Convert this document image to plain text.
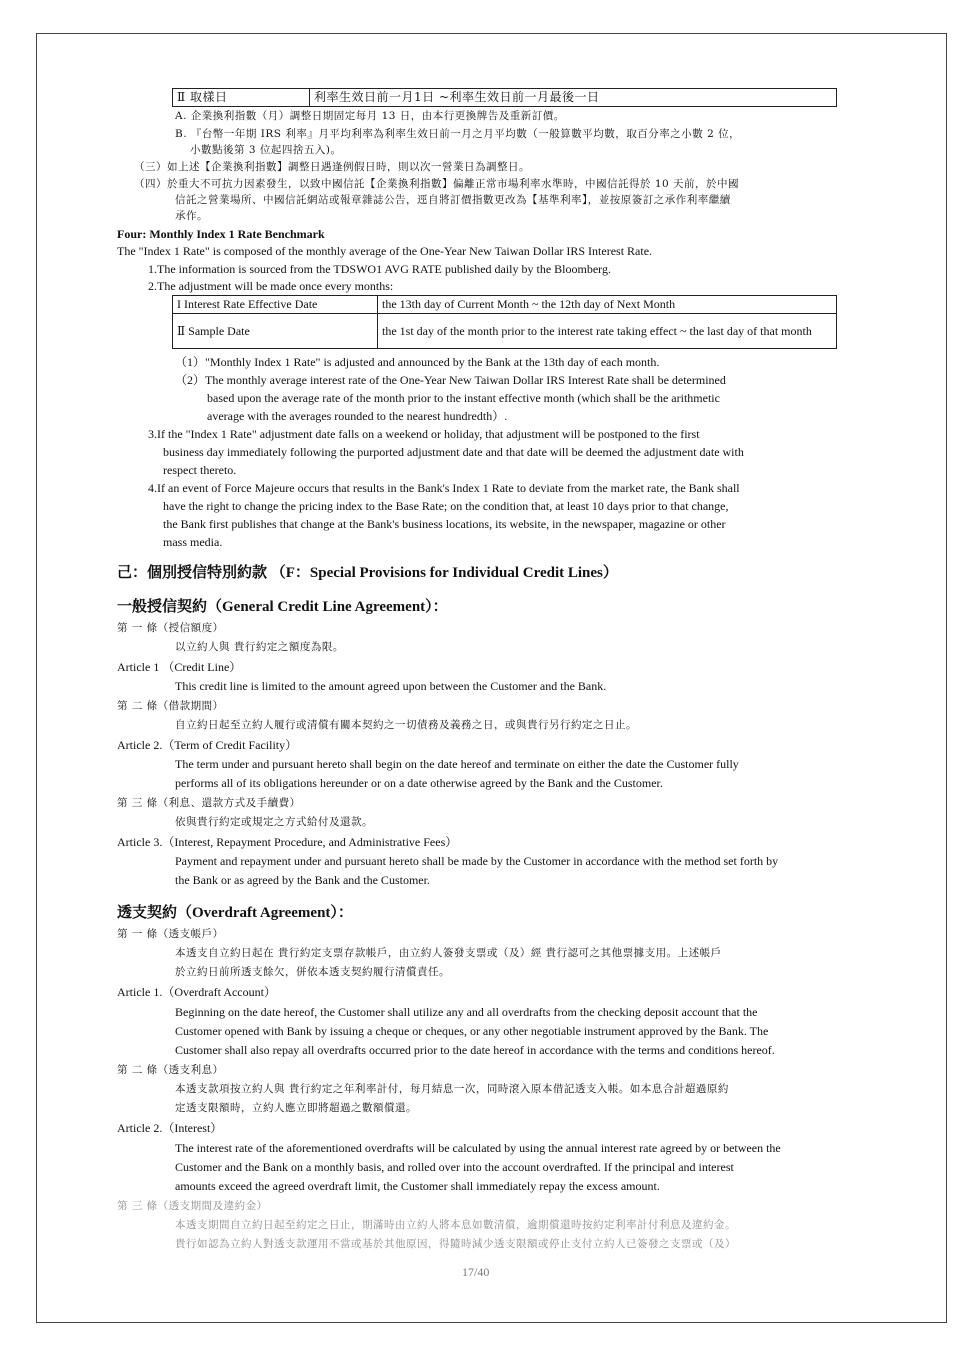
Ⅱ 取樣日	利率生效日前一月1日 ~利率生效日前一月最後一日
A. 企業換利指數（月）調整日期固定每月 13 日，由本行更換牌告及重新訂價。
B. 『台幣一年期 IRS 利率』月平均利率為利率生效日前一月之月平均數（一般算數平均數，取百分率之小數 2 位，
小數點後第 3 位起四捨五入)。
（三）如上述【企業換利指數】調整日遇逢例假日時，則以次一營業日為調整日。
（四）於重大不可抗力因素發生，以致中國信託【企業換利指數】偏離正常市場利率水準時，中國信託得於 10 天前，於中國
信託之營業場所、中國信託網站或報章雜誌公告，逕自將訂價指數更改為【基準利率】，並按原簽訂之承作利率繼續
承作。
Four: Monthly Index 1 Rate Benchmark
The "Index 1 Rate" is composed of the monthly average of the One-Year New Taiwan Dollar IRS Interest Rate.
1.The information is sourced from the TDSWO1 AVG RATE published daily by the Bloomberg.
2.The adjustment will be made once every months:
I Interest Rate Effective Date	the 13th day of Current Month ~ the 12th day of Next Month
Ⅱ Sample Date	the 1st day of the month prior to the interest rate taking effect ~ the last day of that month
（1）"Monthly Index 1 Rate" is adjusted and announced by the Bank at the 13th day of each month.
（2）The monthly average interest rate of the One-Year New Taiwan Dollar IRS Interest Rate shall be determined
based upon the average rate of the month prior to the instant effective month (which shall be the arithmetic
average with the averages rounded to the nearest hundredth）.
3.If the "Index 1 Rate" adjustment date falls on a weekend or holiday, that adjustment will be postponed to the first
business day immediately following the purported adjustment date and that date will be deemed the adjustment date with
respect thereto.
4.If an event of Force Majeure occurs that results in the Bank's Index 1 Rate to deviate from the market rate, the Bank shall
have the right to change the pricing index to the Base Rate; on the condition that, at least 10 days prior to that change,
the Bank first publishes that change at the Bank's business locations, its website, in the newspaper, magazine or other
mass media.
己：個別授信特別約款 （F：Special Provisions for Individual Credit Lines）
一般授信契約（General Credit Line Agreement）：
第 一 條（授信額度）
以立約人與 貴行約定之額度為限。
Article 1 （Credit Line）
This credit line is limited to the amount agreed upon between the Customer and the Bank.
第 二 條（借款期間）
自立約日起至立約人履行或清償有關本契約之一切債務及義務之日，或與貴行另行約定之日止。
Article 2.（Term of Credit Facility）
The term under and pursuant hereto shall begin on the date hereof and terminate on either the date the Customer fully
performs all of its obligations hereunder or on a date otherwise agreed by the Bank and the Customer.
第 三 條（利息、還款方式及手續費）
依與貴行約定或規定之方式給付及還款。
Article 3.（Interest, Repayment Procedure, and Administrative Fees）
Payment and repayment under and pursuant hereto shall be made by the Customer in accordance with the method set forth by
the Bank or as agreed by the Bank and the Customer.
透支契約（Overdraft Agreement）：
第 一 條（透支帳戶）
本透支自立約日起在 貴行約定支票存款帳戶，由立約人簽發支票或（及）經 貴行認可之其他票據支用。上述帳戶
於立約日前所透支餘欠，併依本透支契約履行清償責任。
Article 1.（Overdraft Account）
Beginning on the date hereof, the Customer shall utilize any and all overdrafts from the checking deposit account that the
Customer opened with Bank by issuing a cheque or cheques, or any other negotiable instrument approved by the Bank. The
Customer shall also repay all overdrafts occurred prior to the date hereof in accordance with the terms and conditions hereof.
第 二 條（透支利息）
本透支款項按立約人與 貴行約定之年利率計付，每月結息一次，同時滾入原本借記透支入帳。如本息合計超過原約
定透支限額時，立約人應立即將超過之數額償還。
Article 2.（Interest）
The interest rate of the aforementioned overdrafts will be calculated by using the annual interest rate agreed by or between the
Customer and the Bank on a monthly basis, and rolled over into the account overdrafted. If the principal and interest
amounts exceed the agreed overdraft limit, the Customer shall immediately repay the excess amount.
第 三 條（透支期間及違約金）
本透支期間自立約日起至約定之日止，期滿時由立約人將本息如數清償，逾期償還時按約定利率計付利息及違約金。
貴行如認為立約人對透支款運用不當或基於其他原因，得隨時減少透支限額或停止支付立約人已簽發之支票或（及）
17/40
